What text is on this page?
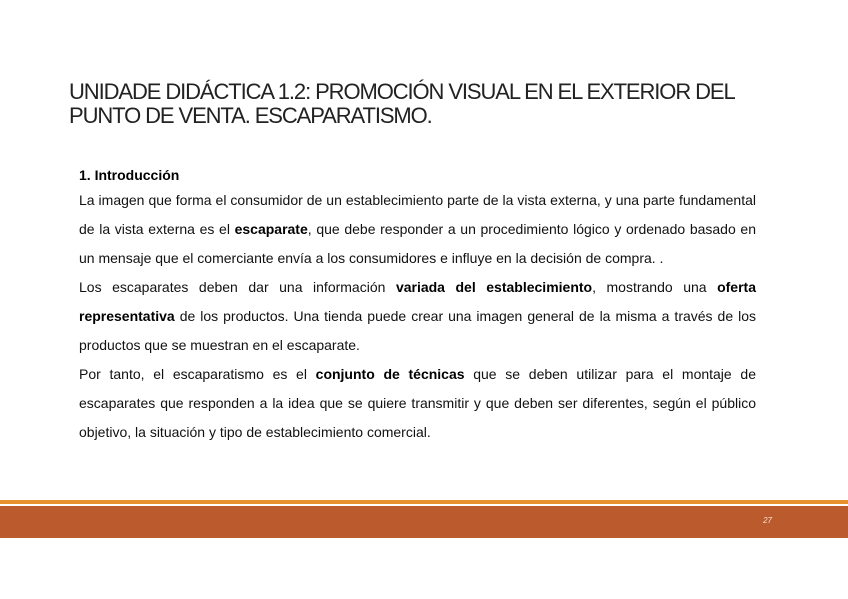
UNIDADE DIDÁCTICA 1.2: PROMOCIÓN VISUAL EN EL EXTERIOR DEL
PUNTO DE VENTA. ESCAPARATISMO.

1. Introducción

La imagen que forma el consumidor de un establecimiento parte de la vista externa, y una parte fundamental de la vista externa es el escaparate, que debe responder a un procedimiento lógico y ordenado basado en un mensaje que el comerciante envía a los consumidores e influye en la decisión de compra. .

Los escaparates deben dar una información variada del establecimiento, mostrando una oferta representativa de los productos. Una tienda puede crear una imagen general de la misma a través de los productos que se muestran en el escaparate.

Por tanto, el escaparatismo es el conjunto de técnicas que se deben utilizar para el montaje de escaparates que responden a la idea que se quiere transmitir y que deben ser diferentes, según el público objetivo, la situación y tipo de establecimiento comercial.

27
